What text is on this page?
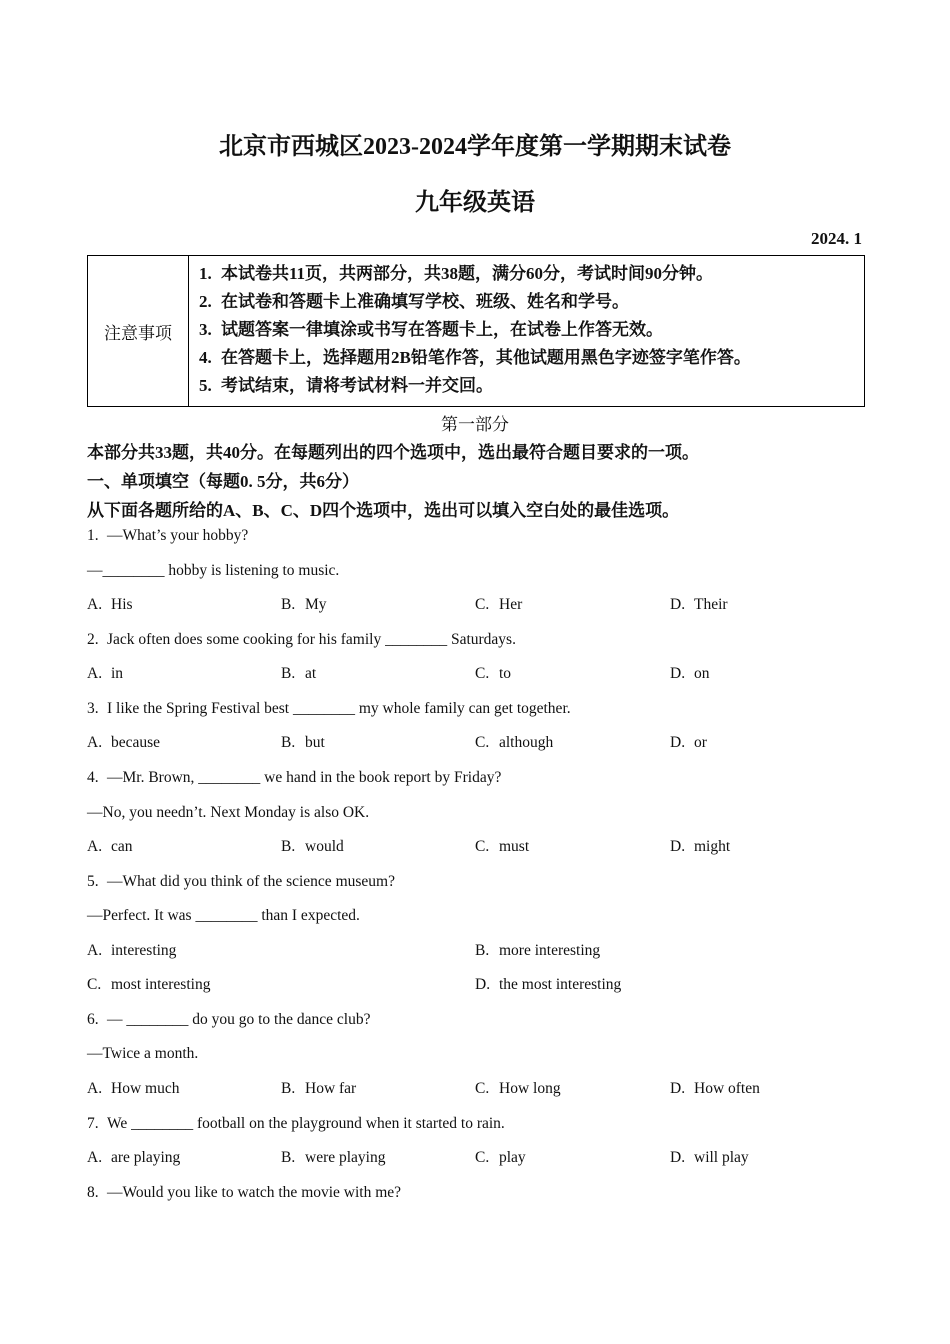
北京市西城区2023-2024学年度第一学期期末试卷
九年级英语
2024. 1
注意事项	
1. 本试卷共11页，共两部分，共38题，满分60分，考试时间90分钟。
2. 在试卷和答题卡上准确填写学校、班级、姓名和学号。
3. 试题答案一律填涂或书写在答题卡上，在试卷上作答无效。
4. 在答题卡上，选择题用2B铅笔作答，其他试题用黑色字迹签字笔作答。
5. 考试结束，请将考试材料一并交回。
第一部分
本部分共33题，共40分。在每题列出的四个选项中，选出最符合题目要求的一项。
一、单项填空（每题0. 5分，共6分）
从下面各题所给的A、B、C、D四个选项中，选出可以填入空白处的最佳选项。
1. —What’s your hobby?
—________ hobby is listening to music.
A. His	B. My	C. Her	D. Their
2. Jack often does some cooking for his family ________ Saturdays.
A. in	B. at	C. to	D. on
3. I like the Spring Festival best ________ my whole family can get together.
A. because	B. but	C. although	D. or
4. —Mr. Brown, ________ we hand in the book report by Friday?
—No, you needn’t. Next Monday is also OK.
A. can	B. would	C. must	D. might
5. —What did you think of the science museum?
—Perfect. It was ________ than I expected.
A. interesting	B. more interesting
C. most interesting	D. the most interesting
6. — ________ do you go to the dance club?
—Twice a month.
A. How much	B. How far	C. How long	D. How often
7. We ________ football on the playground when it started to rain.
A. are playing	B. were playing	C. play	D. will play
8. —Would you like to watch the movie with me?
